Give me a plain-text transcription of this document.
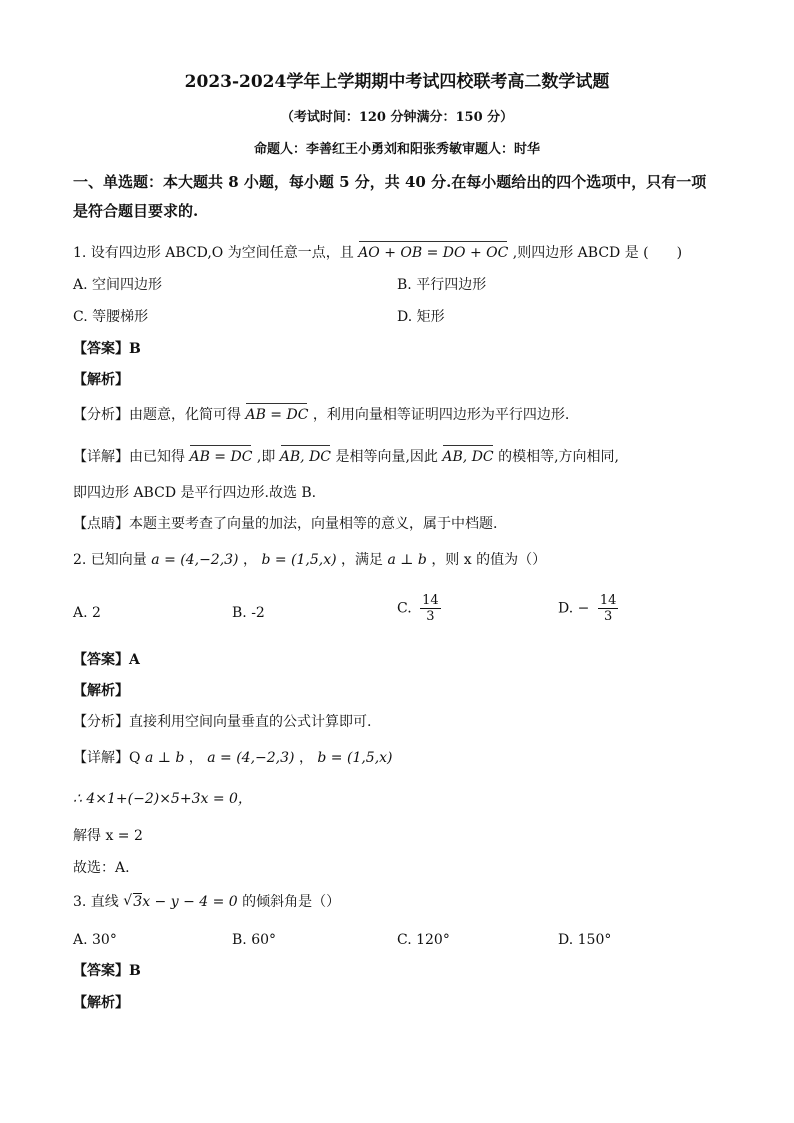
2023-2024学年上学期期中考试四校联考高二数学试题
（考试时间：120 分钟满分：150 分）
命题人：李善红王小勇刘和阳张秀敏审题人：时华
一、单选题：本大题共 8 小题，每小题 5 分，共 40 分.在每小题给出的四个选项中，只有一项
是符合题目要求的.
1. 设有四边形 ABCD,O 为空间任意一点，且 AO + OB = DO + OC ,则四边形 ABCD 是 (　　)
A. 空间四边形	B. 平行四边形
C. 等腰梯形	D. 矩形
【答案】B
【解析】
【分析】由题意，化简可得 AB = DC ，利用向量相等证明四边形为平行四边形.
【详解】由已知得 AB = DC ,即 AB, DC 是相等向量,因此 AB, DC 的模相等,方向相同,
即四边形 ABCD 是平行四边形.故选 B.
【点睛】本题主要考查了向量的加法，向量相等的意义，属于中档题.
2. 已知向量 a = (4,−2,3) ， b = (1,5,x) ，满足 a ⊥ b ，则 x 的值为（）
A. 2	B. -2	C. $\frac{14}{3}$	D. − $\frac{14}{3}$
【答案】A
【解析】
【分析】直接利用空间向量垂直的公式计算即可.
【详解】Q a ⊥ b ， a = (4,−2,3) ， b = (1,5,x)
∴ 4×1+(−2)×5+3x = 0，
解得 x = 2
故选：A.
3. 直线 √ 3x − y − 4 = 0 的倾斜角是（）
A. 30°	B. 60°	C. 120°	D. 150°
【答案】B
【解析】
